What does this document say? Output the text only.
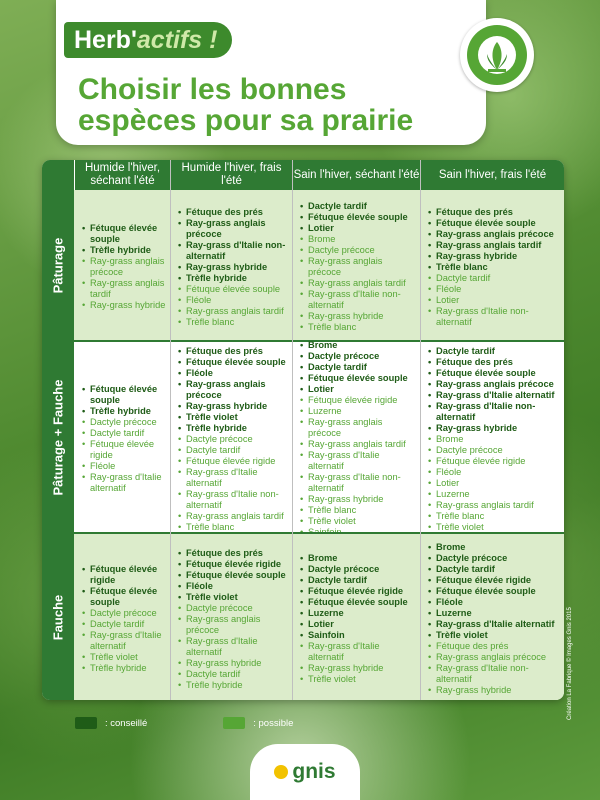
Herb'actifs !
Choisir les bonnes espèces pour sa prairie
Humide l'hiver, séchant l'été
Humide l'hiver, frais l'été
Sain l'hiver, séchant l'été	Sain l'hiver, frais l'été
Pâturage
• Fétuque élevée souple
• Trèfle hybride
• Ray-grass anglais précoce
• Ray-grass anglais tardif
• Ray-grass hybride
• Fétuque des prés
• Ray-grass anglais précoce
• Ray-grass d'Italie non-alternatif
• Ray-grass hybride
• Trèfle hybride
• Fétuque élevée souple
• Fléole
• Ray-grass anglais tardif
• Trèfle blanc
• Dactyle tardif
• Fétuque élevée souple
• Lotier
• Brome
• Dactyle précoce
• Ray-grass anglais précoce
• Ray-grass anglais tardif
• Ray-grass d'Italie non-alternatif
• Ray-grass hybride
• Trèfle blanc
• Fétuque des prés
• Fétuque élevée souple
• Ray-grass anglais précoce
• Ray-grass anglais tardif
• Ray-grass hybride
• Trèfle blanc
• Dactyle tardif
• Fléole
• Lotier
• Ray-grass d'Italie non-alternatif
Pâturage + Fauche
•	Fétuque élevée souple
• Trèfle hybride
• Dactyle précoce
• Dactyle tardif
• Fétuque élevée rigide
• Fléole
• Ray-grass d'Italie alternatif
• Fétuque des prés
• Fétuque élevée souple
• Fléole
• Ray-grass anglais précoce
• Ray-grass hybride
• Trèfle violet
• Trèfle hybride
• Dactyle précoce
• Dactyle tardif
• Fétuque élevée rigide
• Ray-grass d'Italie alternatif
• Ray-grass d'Italie non-alternatif
• Ray-grass anglais tardif
• Trèfle blanc
• Brome
• Dactyle précoce
• Dactyle tardif
• Fétuque élevée souple
• Lotier
• Fétuque élevée rigide
• Luzerne
• Ray-grass anglais précoce
• Ray-grass anglais tardif
• Ray-grass d'Italie alternatif
• Ray-grass d'Italie non-alternatif
• Ray-grass hybride
• Trèfle blanc
• Trèfle violet
•
• Dactyle tardif
• Fétuque des prés
• Fétuque élevée souple
• Ray-grass anglais précoce
• Ray-grass d'Italie alternatif
• Ray-grass d'Italie non-alternatif
• Ray-grass hybride
• Brome
• Dactyle précoce
• Fétuque élevée rigide
• Fléole
• Lotier
• Luzerne
• Ray-grass anglais tardif
• Trèfle blanc
• Trèfle violet
Fauche
• Fétuque élevée rigide
• Fétuque élevée souple
• Dactyle précoce
• Dactyle tardif
• Ray-grass d'Italie alternatif
• Trèfle violet
• Trèfle hybride
• Fétuque des prés
• Fétuque élevée rigide
• Fétuque élevée souple
• Fléole
• Trèfle violet
• Dactyle précoce
• Ray-grass anglais précoce
• Ray-grass d'Italie alternatif
• Ray-grass hybride
• Dactyle tardif
• Trèfle hybride
• Brome
• Dactyle précoce
• Dactyle tardif
• Fétuque élevée rigide
• Fétuque élevée souple
• Luzerne
• Lotier
• Sainfoin
• Ray-grass d'Italie alternatif
• Ray-grass hybride
• Trèfle violet
• Brome
• Dactyle précoce
• Dactyle tardif
• Fétuque élevée rigide
• Fétuque élevée souple
• Fléole
• Luzerne
• Ray-grass d'Italie alternatif
• Trèfle violet
• Fétuque des prés
• Ray-grass anglais précoce
• Ray-grass d'Italie non-alternatif
• Ray-grass hybride
: conseillé	: possible
Création La Fabrique © Images Gnis 2015
gnis
